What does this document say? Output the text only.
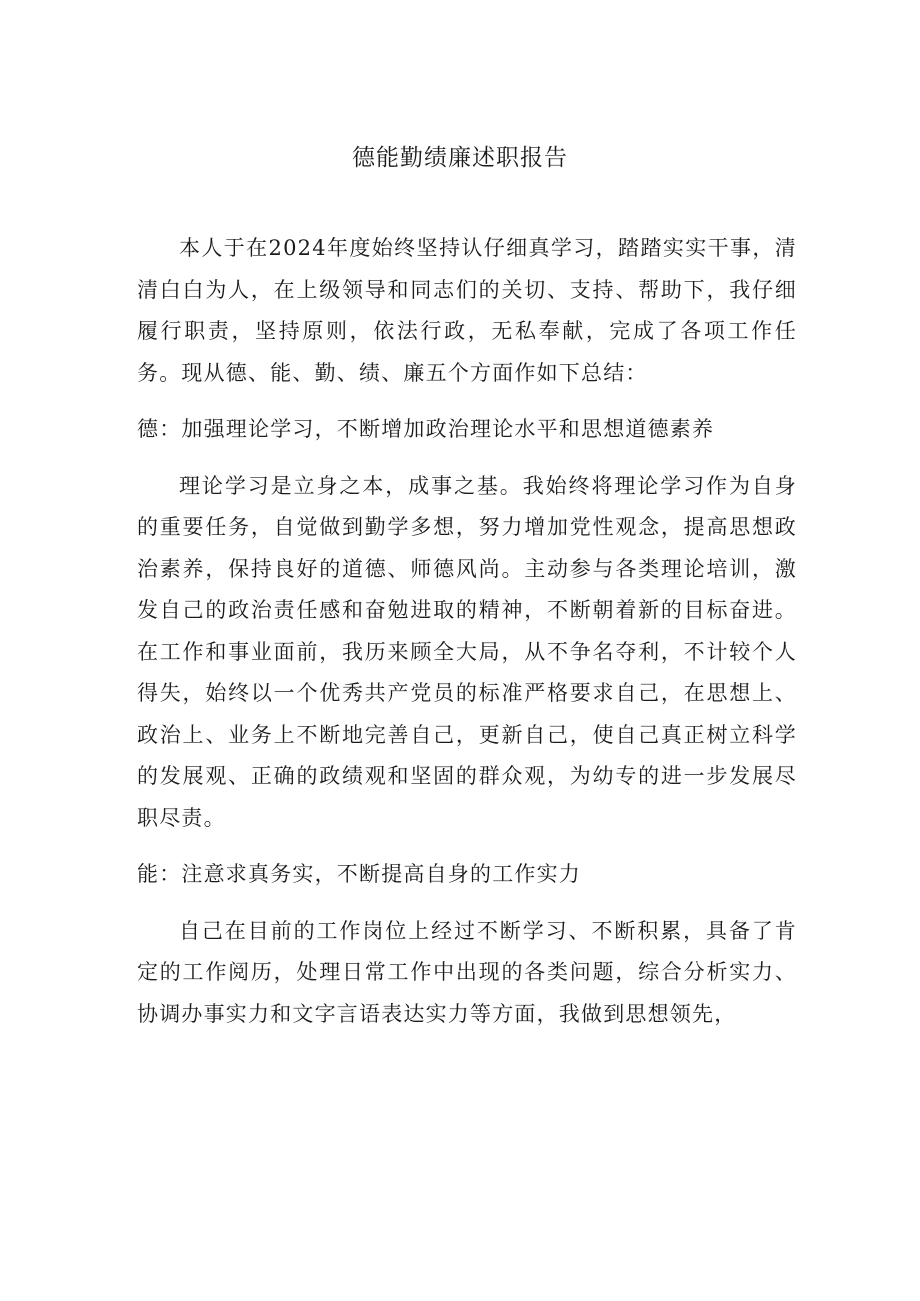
德能勤绩廉述职报告

本人于在2024年度始终坚持认仔细真学习，踏踏实实干事，清清白白为人，在上级领导和同志们的关切、支持、帮助下，我仔细履行职责，坚持原则，依法行政，无私奉献，完成了各项工作任务。现从德、能、勤、绩、廉五个方面作如下总结：

德：加强理论学习，不断增加政治理论水平和思想道德素养

理论学习是立身之本，成事之基。我始终将理论学习作为自身的重要任务，自觉做到勤学多想，努力增加党性观念，提高思想政治素养，保持良好的道德、师德风尚。主动参与各类理论培训，激发自己的政治责任感和奋勉进取的精神，不断朝着新的目标奋进。在工作和事业面前，我历来顾全大局，从不争名夺利，不计较个人得失，始终以一个优秀共产党员的标准严格要求自己，在思想上、政治上、业务上不断地完善自己，更新自己，使自己真正树立科学的发展观、正确的政绩观和坚固的群众观，为幼专的进一步发展尽职尽责。

能：注意求真务实，不断提高自身的工作实力

自己在目前的工作岗位上经过不断学习、不断积累，具备了肯定的工作阅历，处理日常工作中出现的各类问题，综合分析实力、协调办事实力和文字言语表达实力等方面，我做到思想领先，
